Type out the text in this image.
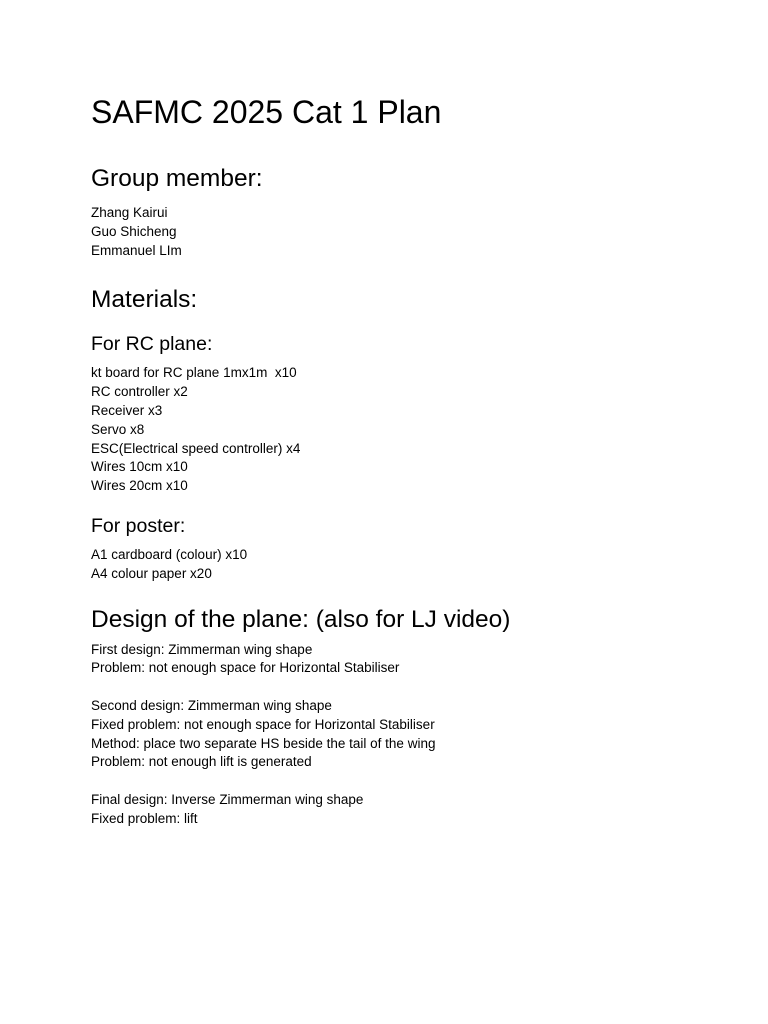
SAFMC 2025 Cat 1 Plan
Group member:

Zhang Kairui

Guo Shicheng

Emmanuel LIm

Materials:
For RC plane:

kt board for RC plane 1mx1m  x10

RC controller x2

Receiver x3

Servo x8

ESC(Electrical speed controller) x4

Wires 10cm x10

Wires 20cm x10

For poster:

A1 cardboard (colour) x10

A4 colour paper x20

Design of the plane: (also for LJ video)

First design: Zimmerman wing shape

Problem: not enough space for Horizontal Stabiliser

Second design: Zimmerman wing shape

Fixed problem: not enough space for Horizontal Stabiliser

Method: place two separate HS beside the tail of the wing

Problem: not enough lift is generated

Final design: Inverse Zimmerman wing shape

Fixed problem: lift
